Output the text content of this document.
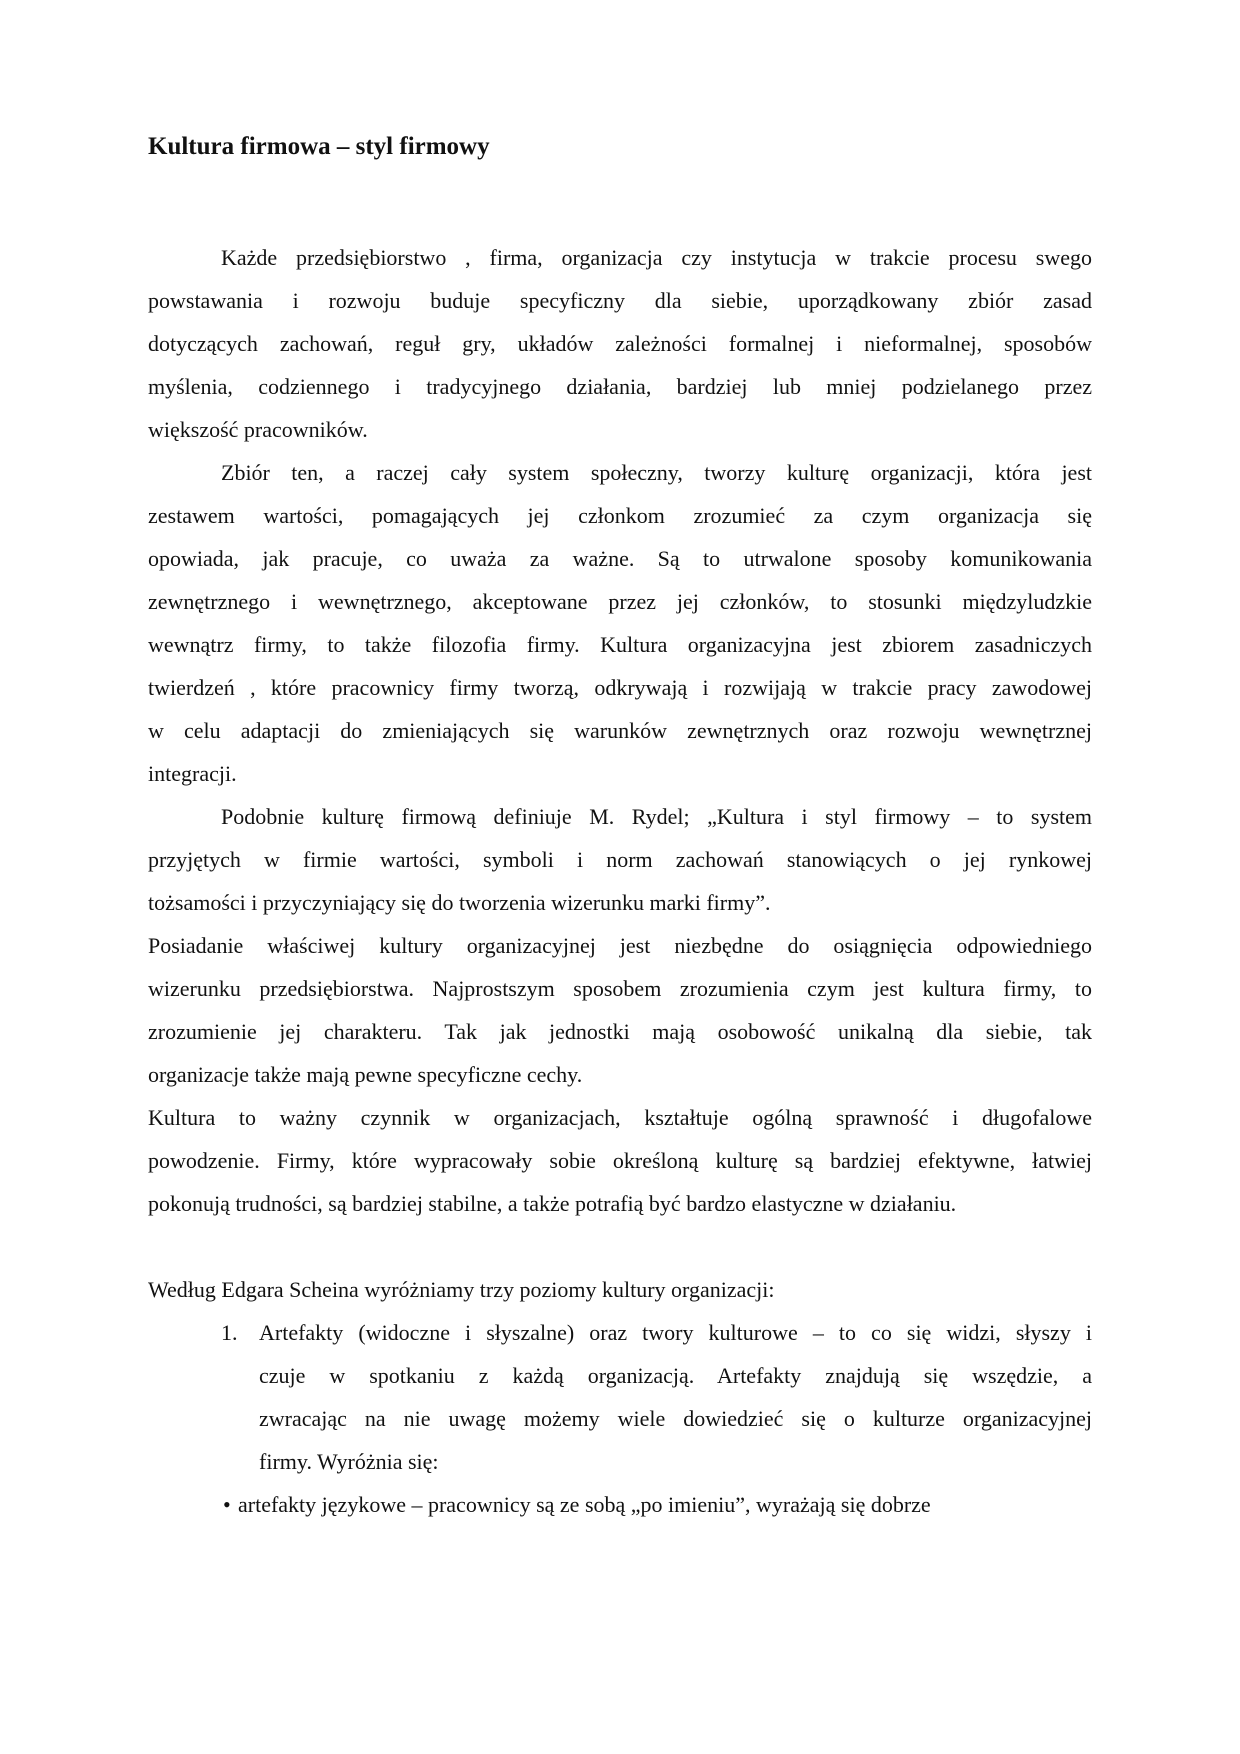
Kultura firmowa – styl firmowy
Każde przedsiębiorstwo , firma, organizacja czy instytucja w trakcie procesu swego
powstawania i rozwoju buduje specyficzny dla siebie, uporządkowany zbiór zasad
dotyczących zachowań, reguł gry, układów zależności formalnej i nieformalnej, sposobów
myślenia, codziennego i tradycyjnego działania, bardziej lub mniej podzielanego przez
większość pracowników.
Zbiór ten, a raczej cały system społeczny, tworzy kulturę organizacji, która jest
zestawem wartości, pomagających jej członkom zrozumieć za czym organizacja się
opowiada, jak pracuje, co uważa za ważne. Są to utrwalone sposoby komunikowania
zewnętrznego i wewnętrznego, akceptowane przez jej członków, to stosunki międzyludzkie
wewnątrz firmy, to także filozofia firmy. Kultura organizacyjna jest zbiorem zasadniczych
twierdzeń , które pracownicy firmy tworzą, odkrywają i rozwijają w trakcie pracy zawodowej
w celu adaptacji do zmieniających się warunków zewnętrznych oraz rozwoju wewnętrznej
integracji.
Podobnie kulturę firmową definiuje M. Rydel; „Kultura i styl firmowy – to system
przyjętych w firmie wartości, symboli i norm zachowań stanowiących o jej rynkowej
tożsamości i przyczyniający się do tworzenia wizerunku marki firmy”.
Posiadanie właściwej kultury organizacyjnej jest niezbędne do osiągnięcia odpowiedniego
wizerunku przedsiębiorstwa. Najprostszym sposobem zrozumienia czym jest kultura firmy, to
zrozumienie jej charakteru. Tak jak jednostki mają osobowość unikalną dla siebie, tak
organizacje także mają pewne specyficzne cechy.
Kultura to ważny czynnik w organizacjach, kształtuje ogólną sprawność i długofalowe
powodzenie. Firmy, które wypracowały sobie określoną kulturę są bardziej efektywne, łatwiej
pokonują trudności, są bardziej stabilne, a także potrafią być bardzo elastyczne w działaniu.
Według Edgara Scheina wyróżniamy trzy poziomy kultury organizacji:
1. Artefakty (widoczne i słyszalne) oraz twory kulturowe – to co się widzi, słyszy i
czuje w spotkaniu z każdą organizacją. Artefakty znajdują się wszędzie, a
zwracając na nie uwagę możemy wiele dowiedzieć się o kulturze organizacyjnej
firmy. Wyróżnia się:
• artefakty językowe – pracownicy są ze sobą „po imieniu”, wyrażają się dobrze
